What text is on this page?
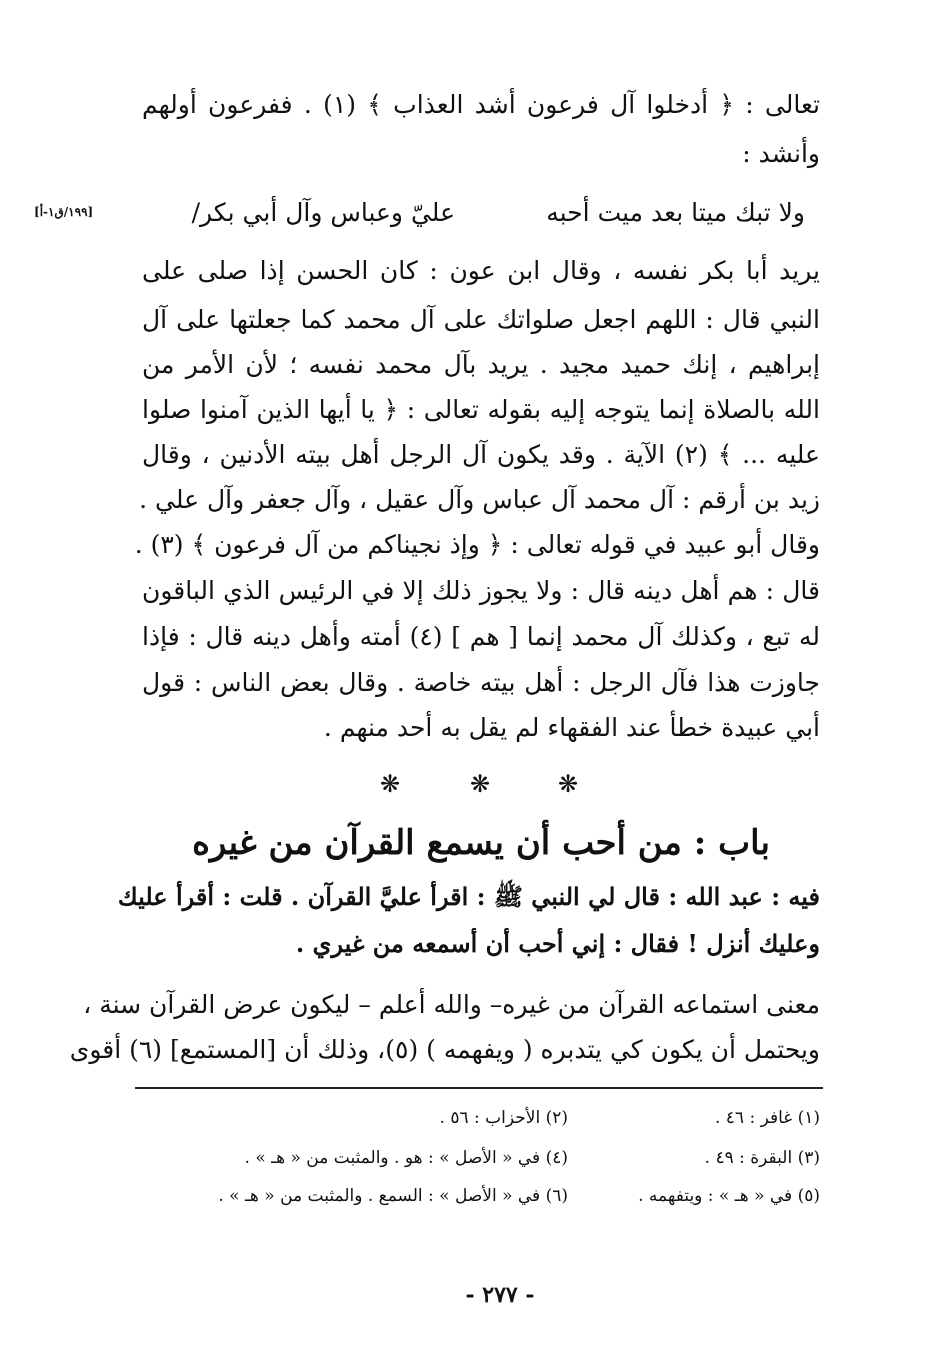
تعالى : ﴿ أدخلوا آل فرعون أشد العذاب ﴾ (١) . ففرعون أولهم
وأنشد :
ولا تبك ميتا بعد ميت أحبه
عليّ وعباس وآل أبي بكر/
[١٩٩/ق١-أ]
يريد أبا بكر نفسه ، وقال ابن عون : كان الحسن إذا صلى على
النبي قال : اللهم اجعل صلواتك على آل محمد كما جعلتها على آل
إبراهيم ، إنك حميد مجيد . يريد بآل محمد نفسه ؛ لأن الأمر من
الله بالصلاة إنما يتوجه إليه بقوله تعالى : ﴿ يا أيها الذين آمنوا صلوا
عليه ... ﴾ (٢) الآية . وقد يكون آل الرجل أهل بيته الأدنين ، وقال
زيد بن أرقم : آل محمد آل عباس وآل عقيل ، وآل جعفر وآل علي .
وقال أبو عبيد في قوله تعالى : ﴿ وإذ نجيناكم من آل فرعون ﴾ (٣) .
قال : هم أهل دينه قال : ولا يجوز ذلك إلا في الرئيس الذي الباقون
له تبع ، وكذلك آل محمد إنما [ هم ] (٤) أمته وأهل دينه قال : فإذا
جاوزت هذا فآل الرجل : أهل بيته خاصة . وقال بعض الناس : قول
أبي عبيدة خطأ عند الفقهاء لم يقل به أحد منهم .
❋	❋	❋
باب : من أحب أن يسمع القرآن من غيره
فيه : عبد الله : قال لي النبي ﷺ : اقرأ عليَّ القرآن . قلت : أقرأ عليك
وعليك أنزل ! فقال : إني أحب أن أسمعه من غيري .
معنى استماعه القرآن من غيره– والله أعلم – ليكون عرض القرآن سنة ،
ويحتمل أن يكون كي يتدبره ( ويفهمه ) (٥)، وذلك أن [المستمع] (٦) أقوى
(١) غافر : ٤٦ .
(٢) الأحزاب : ٥٦ .
(٣) البقرة : ٤٩ .
(٤) في « الأصل » : هو . والمثبت من « هـ » .
(٥) في « هـ » : ويتفهمه .
(٦) في « الأصل » : السمع . والمثبت من « هـ » .
- ٢٧٧ -
